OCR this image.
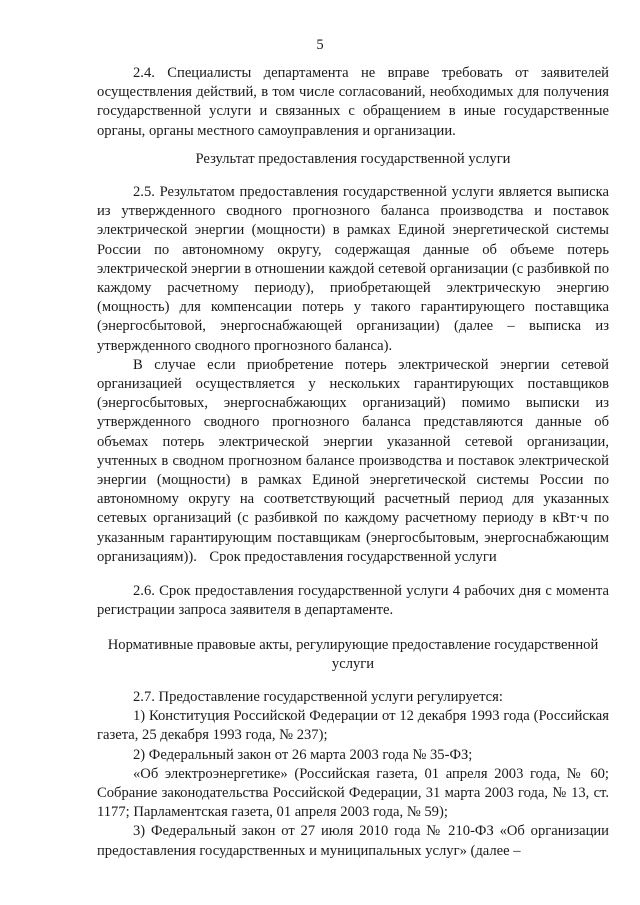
5

2.4. Специалисты департамента не вправе требовать от заявителей осуществления действий, в том числе согласований, необходимых для получения государственной услуги и связанных с обращением в иные государственные органы, органы местного самоуправления и организации.

Результат предоставления государственной услуги

2.5. Результатом предоставления государственной услуги является выписка из утвержденного сводного прогнозного баланса производства и поставок электрической энергии (мощности) в рамках Единой энергетической системы России по автономному округу, содержащая данные об объеме потерь электрической энергии в отношении каждой сетевой организации (с разбивкой по каждому расчетному периоду), приобретающей электрическую энергию (мощность) для компенсации потерь у такого гарантирующего поставщика (энергосбытовой, энергоснабжающей организации) (далее – выписка из утвержденного сводного прогнозного баланса).

В случае если приобретение потерь электрической энергии сетевой организацией осуществляется у нескольких гарантирующих поставщиков (энергосбытовых, энергоснабжающих организаций) помимо выписки из утвержденного сводного прогнозного баланса представляются данные об объемах потерь электрической энергии указанной сетевой организации, учтенных в сводном прогнозном балансе производства и поставок электрической энергии (мощности) в рамках Единой энергетической системы России по автономному округу на соответствующий расчетный период для указанных сетевых организаций (с разбивкой по каждому расчетному периоду в кВт·ч по указанным гарантирующим поставщикам (энергосбытовым, энергоснабжающим организациям)). Срок предоставления государственной услуги

2.6. Срок предоставления государственной услуги 4 рабочих дня с момента регистрации запроса заявителя в департаменте.

Нормативные правовые акты, регулирующие предоставление государственной услуги

2.7. Предоставление государственной услуги регулируется:

1) Конституция Российской Федерации от 12 декабря 1993 года (Российская газета, 25 декабря 1993 года, № 237);

2) Федеральный закон от 26 марта 2003 года № 35-ФЗ;

«Об электроэнергетике» (Российская газета, 01 апреля 2003 года, № 60; Собрание законодательства Российской Федерации, 31 марта 2003 года, № 13, ст. 1177; Парламентская газета, 01 апреля 2003 года, № 59);

3) Федеральный закон от 27 июля 2010 года № 210-ФЗ «Об организации предоставления государственных и муниципальных услуг» (далее –
